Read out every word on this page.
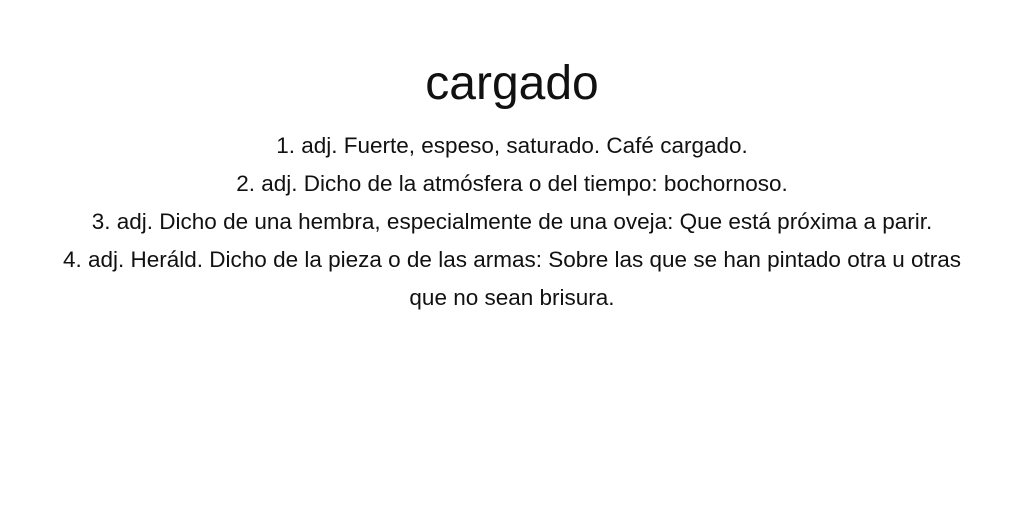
cargado
1. adj. Fuerte, espeso, saturado. Café cargado.
2. adj. Dicho de la atmósfera o del tiempo: bochornoso.
3. adj. Dicho de una hembra, especialmente de una oveja: Que está próxima a parir.
4. adj. Heráld. Dicho de la pieza o de las armas: Sobre las que se han pintado otra u otras que no sean brisura.
